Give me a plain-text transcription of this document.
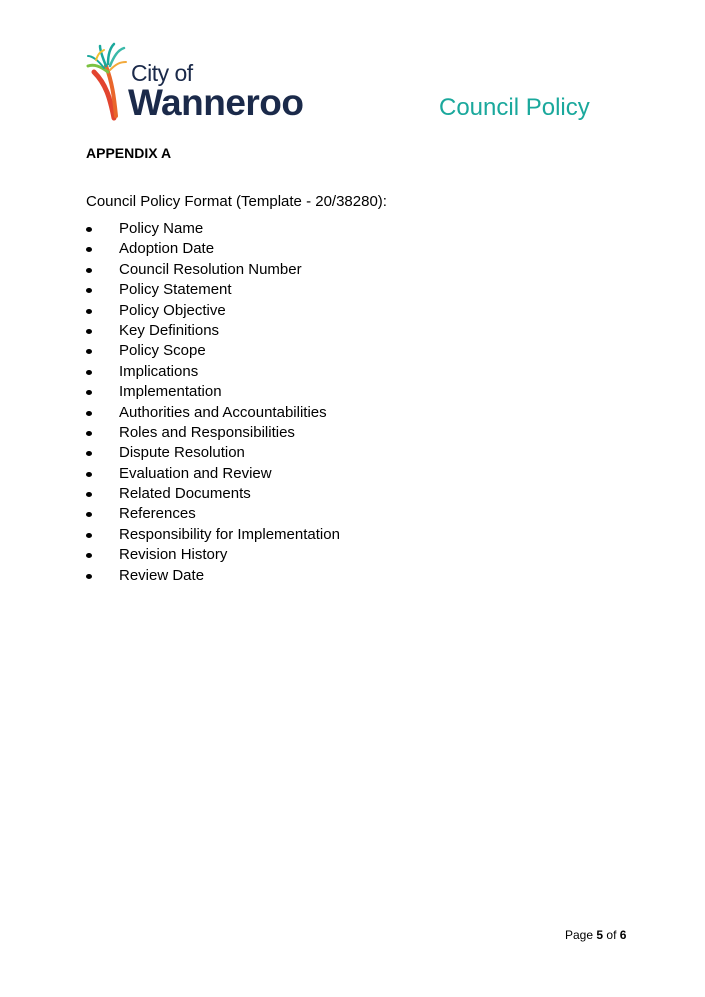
City of
Wanneroo	Council Policy
APPENDIX A
Council Policy Format (Template - 20/38280):
Policy Name
Adoption Date
Council Resolution Number
Policy Statement
Policy Objective
Key Definitions
Policy Scope
Implications
Implementation
Authorities and Accountabilities
Roles and Responsibilities
Dispute Resolution
Evaluation and Review
Related Documents
References
Responsibility for Implementation
Revision History
Review Date
Page 5 of 6
